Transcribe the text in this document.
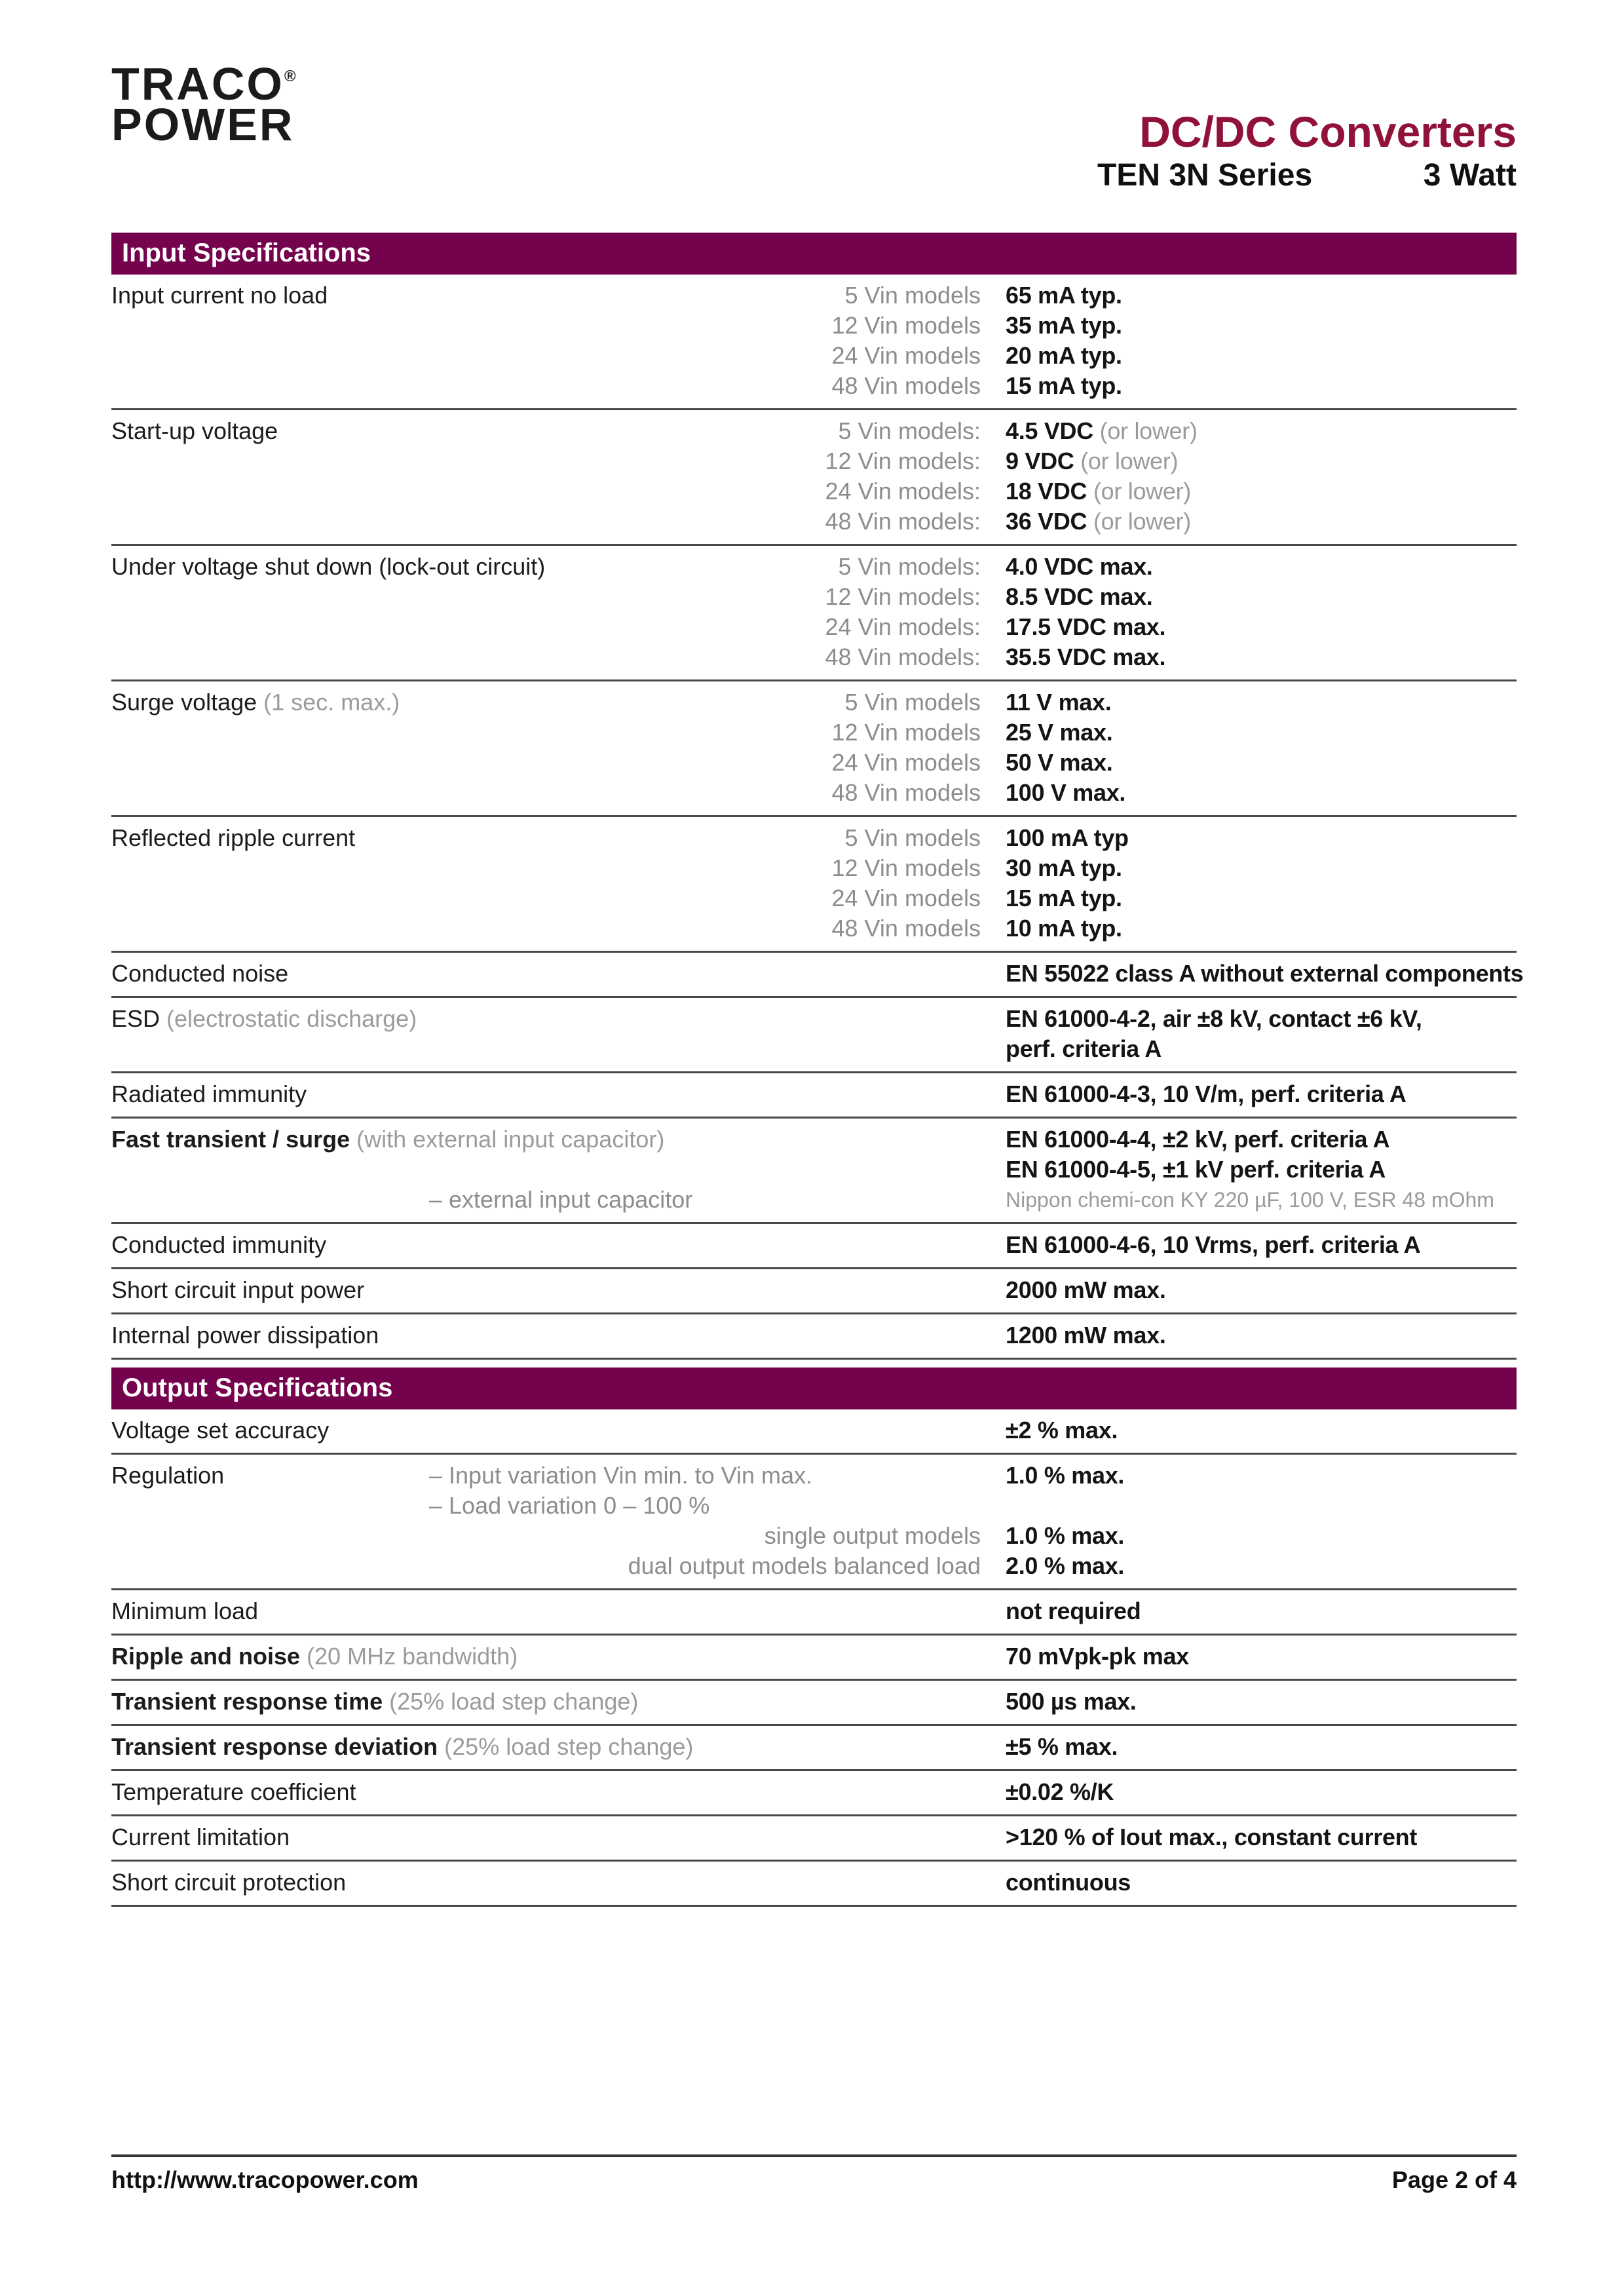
TRACO®
POWER	DC/DC Converters
TEN 3N Series	3 Watt
Input Specifications
Input current no load	5 Vin models 65 mA typ.
12 Vin models 35 mA typ.
24 Vin models 20 mA typ.
48 Vin models 15 mA typ.
Start-up voltage	5 Vin models: 4.5 VDC (or lower)
12 Vin models: 9 VDC (or lower)
24 Vin models: 18 VDC (or lower)
48 Vin models: 36 VDC (or lower)
Under voltage shut down (lock-out circuit)	5 Vin models: 4.0 VDC max.
12 Vin models: 8.5 VDC max.
24 Vin models: 17.5 VDC max.
48 Vin models: 35.5 VDC max.
Surge voltage (1 sec. max.)	5 Vin models 11 V max.
12 Vin models 25 V max.
24 Vin models 50 V max.
48 Vin models 100 V max.
Reflected ripple current	5 Vin models 100 mA typ
12 Vin models 30 mA typ.
24 Vin models 15 mA typ.
48 Vin models 10 mA typ.
Conducted noise	EN 55022 class A without external components
ESD (electrostatic discharge)	EN 61000-4-2, air ±8 kV, contact ±6 kV,
perf. criteria A
Radiated immunity	EN 61000-4-3, 10 V/m, perf. criteria A
Fast transient / surge (with external input capacitor)	EN 61000-4-4, ±2 kV, perf. criteria A
EN 61000-4-5, ±1 kV perf. criteria A
– external input capacitor	Nippon chemi-con KY 220 µF, 100 V, ESR 48 mOhm
Conducted immunity	EN 61000-4-6, 10 Vrms, perf. criteria A
Short circuit input power	2000 mW max.
Internal power dissipation	1200 mW max.
Output Specifications
Voltage set accuracy	±2 % max.
Regulation	– Input variation Vin min. to Vin max.	1.0 % max.
– Load variation 0 – 100 %
single output models 1.0 % max.
dual output models balanced load 2.0 % max.
Minimum load	not required
Ripple and noise (20 MHz bandwidth)	70 mVpk-pk max
Transient response time (25% load step change)	500 µs max.
Transient response deviation (25% load step change)	±5 % max.
Temperature coefficient	±0.02 %/K
Current limitation	>120 % of Iout max., constant current
Short circuit protection	continuous
http://www.tracopower.com	Page 2 of 4
